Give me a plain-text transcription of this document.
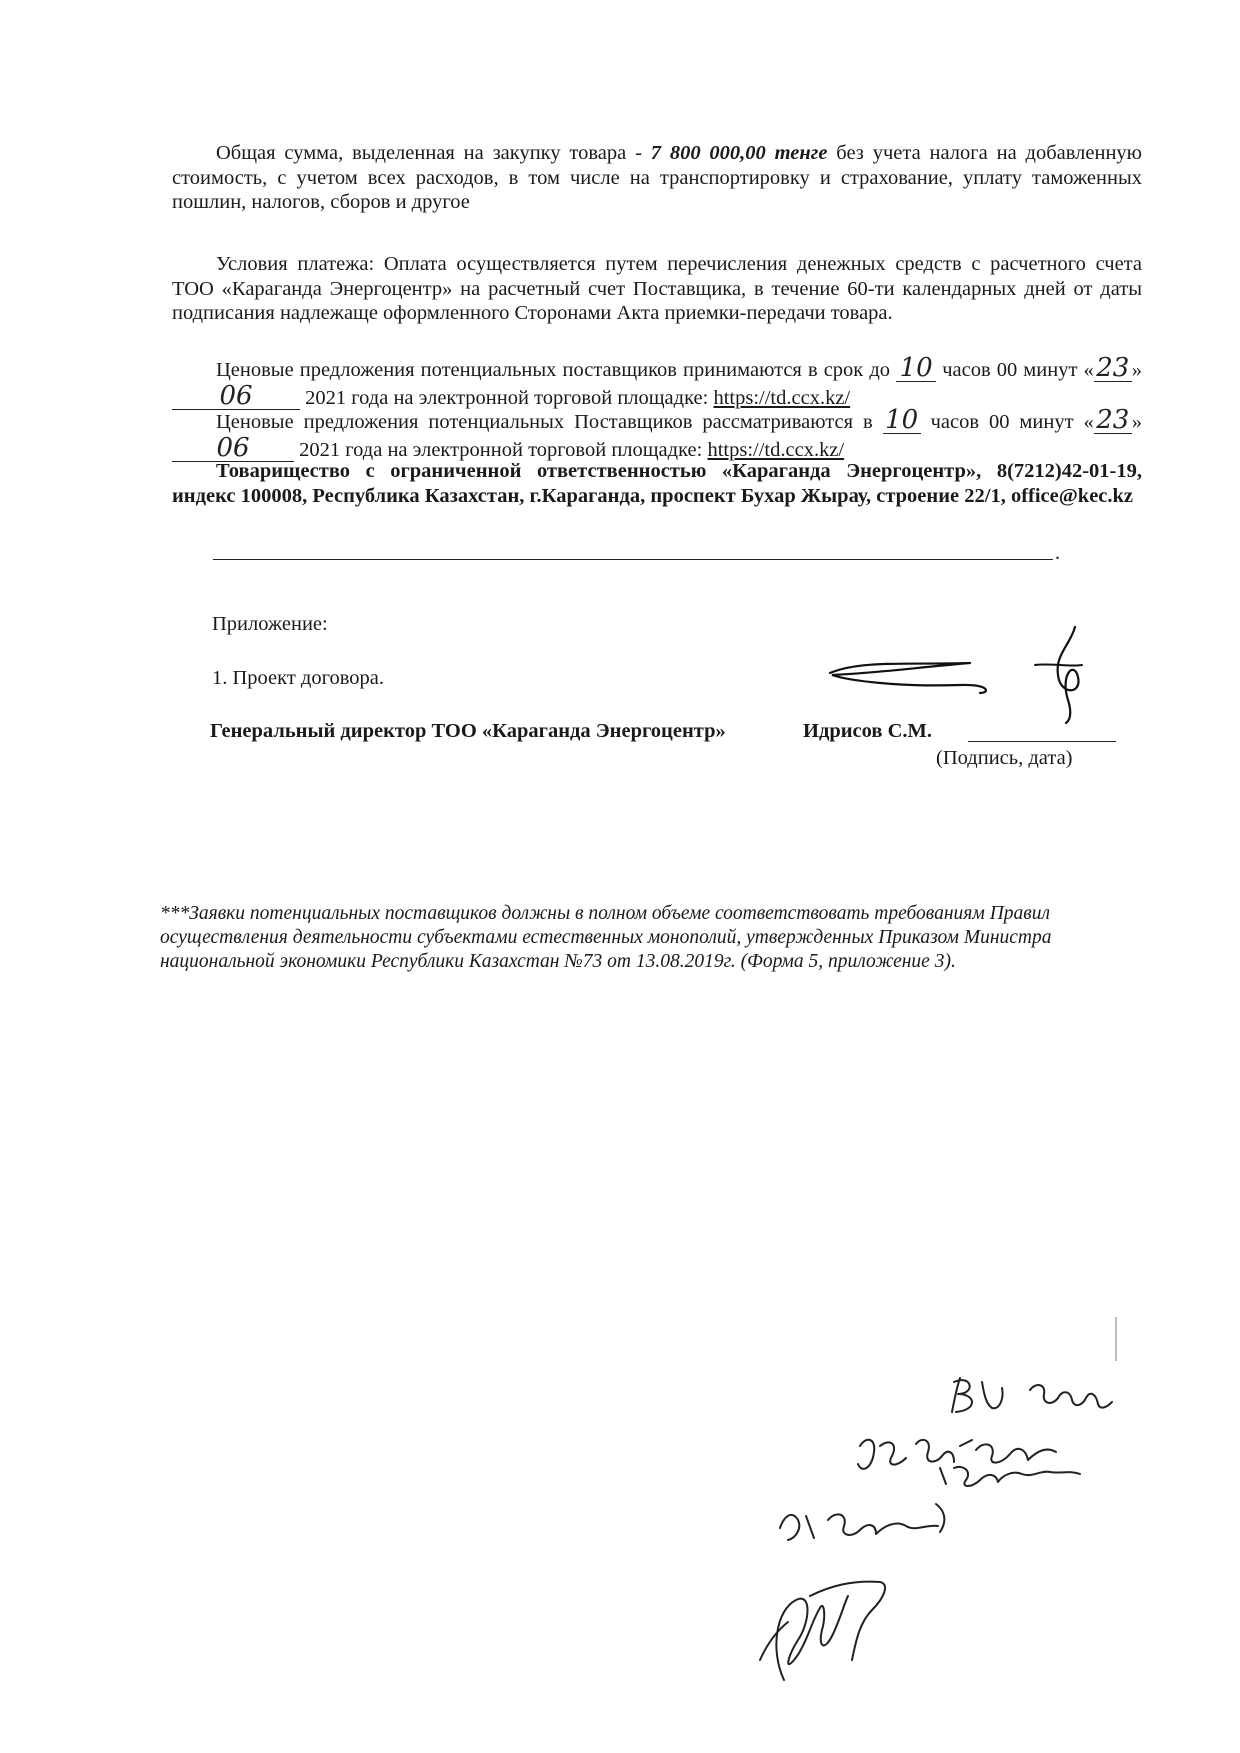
Общая сумма, выделенная на закупку товара - 7 800 000,00 тенге без учета налога на добавленную стоимость, с учетом всех расходов, в том числе на транспортировку и страхование, уплату таможенных пошлин, налогов, сборов и другое
Условия платежа: Оплата осуществляется путем перечисления денежных средств с расчетного счета ТОО «Караганда Энергоцентр» на расчетный счет Поставщика, в течение 60-ти календарных дней от даты подписания надлежаще оформленного Сторонами Акта приемки-передачи товара.
Ценовые предложения потенциальных поставщиков принимаются в срок до 10 часов 00 минут «23 » 06 2021 года на электронной торговой площадке: https://td.ccx.kz/
Ценовые предложения потенциальных Поставщиков рассматриваются в 10 часов 00 минут «23 » 06 2021 года на электронной торговой площадке: https://td.ccx.kz/
Товарищество с ограниченной ответственностью «Караганда Энергоцентр», 8(7212)42-01-19, индекс 100008, Республика Казахстан, г.Караганда, проспект Бухар Жырау, строение 22/1, office@kec.kz
.
Приложение:
1. Проект договора.
Генеральный директор ТОО «Караганда Энергоцентр»	Идрисов С.М.
(Подпись, дата)
***Заявки потенциальных поставщиков должны в полном объеме соответствовать требованиям Правил осуществления деятельности субъектами естественных монополий, утвержденных Приказом Министра национальной экономики Республики Казахстан №73 от 13.08.2019г. (Форма 5, приложение 3).
